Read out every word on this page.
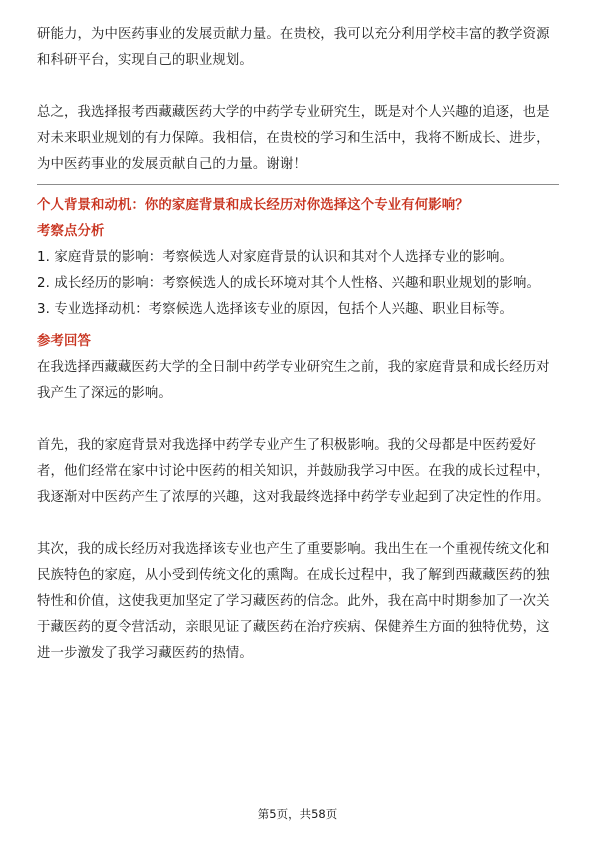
研能力，为中医药事业的发展贡献力量。在贵校，我可以充分利用学校丰富的教学资源和科研平台，实现自己的职业规划。

总之，我选择报考西藏藏医药大学的中药学专业研究生，既是对个人兴趣的追逐，也是对未来职业规划的有力保障。我相信，在贵校的学习和生活中，我将不断成长、进步，为中医药事业的发展贡献自己的力量。谢谢！

个人背景和动机：你的家庭背景和成长经历对你选择这个专业有何影响？

考察点分析

1. 家庭背景的影响：考察候选人对家庭背景的认识和其对个人选择专业的影响。

2. 成长经历的影响：考察候选人的成长环境对其个人性格、兴趣和职业规划的影响。

3. 专业选择动机：考察候选人选择该专业的原因，包括个人兴趣、职业目标等。

参考回答

在我选择西藏藏医药大学的全日制中药学专业研究生之前，我的家庭背景和成长经历对我产生了深远的影响。

首先，我的家庭背景对我选择中药学专业产生了积极影响。我的父母都是中医药爱好者，他们经常在家中讨论中医药的相关知识，并鼓励我学习中医。在我的成长过程中，我逐渐对中医药产生了浓厚的兴趣，这对我最终选择中药学专业起到了决定性的作用。

其次，我的成长经历对我选择该专业也产生了重要影响。我出生在一个重视传统文化和民族特色的家庭，从小受到传统文化的熏陶。在成长过程中，我了解到西藏藏医药的独特性和价值，这使我更加坚定了学习藏医药的信念。此外，我在高中时期参加了一次关于藏医药的夏令营活动，亲眼见证了藏医药在治疗疾病、保健养生方面的独特优势，这进一步激发了我学习藏医药的热情。

第5页，共58页
